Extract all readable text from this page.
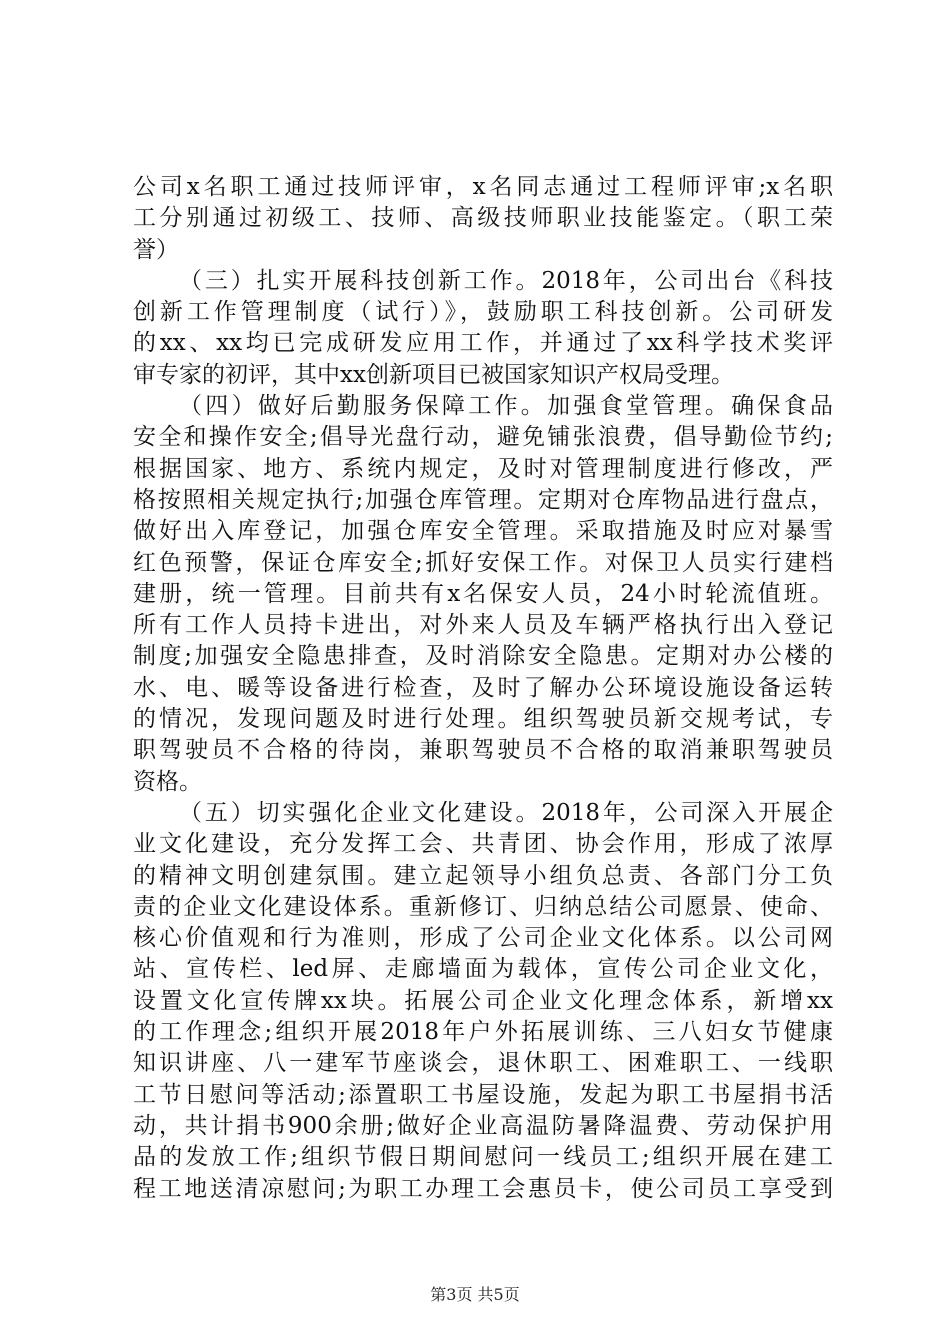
公司x名职工通过技师评审，x名同志通过工程师评审;x名职
工分别通过初级工、技师、高级技师职业技能鉴定。（职工荣
誉）
（三）扎实开展科技创新工作。2018年，公司出台《科技
创新工作管理制度（试行）》，鼓励职工科技创新。公司研发
的xx、xx均已完成研发应用工作，并通过了xx科学技术奖评
审专家的初评，其中xx创新项目已被国家知识产权局受理。
（四）做好后勤服务保障工作。加强食堂管理。确保食品
安全和操作安全;倡导光盘行动，避免铺张浪费，倡导勤俭节约;
根据国家、地方、系统内规定，及时对管理制度进行修改，严
格按照相关规定执行;加强仓库管理。定期对仓库物品进行盘点，
做好出入库登记，加强仓库安全管理。采取措施及时应对暴雪
红色预警，保证仓库安全;抓好安保工作。对保卫人员实行建档
建册，统一管理。目前共有x名保安人员，24小时轮流值班。
所有工作人员持卡进出，对外来人员及车辆严格执行出入登记
制度;加强安全隐患排查，及时消除安全隐患。定期对办公楼的
水、电、暖等设备进行检查，及时了解办公环境设施设备运转
的情况，发现问题及时进行处理。组织驾驶员新交规考试，专
职驾驶员不合格的待岗，兼职驾驶员不合格的取消兼职驾驶员
资格。
（五）切实强化企业文化建设。2018年，公司深入开展企
业文化建设，充分发挥工会、共青团、协会作用，形成了浓厚
的精神文明创建氛围。建立起领导小组负总责、各部门分工负
责的企业文化建设体系。重新修订、归纳总结公司愿景、使命、
核心价值观和行为准则，形成了公司企业文化体系。以公司网
站、宣传栏、led屏、走廊墙面为载体，宣传公司企业文化，
设置文化宣传牌xx块。拓展公司企业文化理念体系，新增xx
的工作理念;组织开展2018年户外拓展训练、三八妇女节健康
知识讲座、八一建军节座谈会，退休职工、困难职工、一线职
工节日慰问等活动;添置职工书屋设施，发起为职工书屋捐书活
动，共计捐书900余册;做好企业高温防暑降温费、劳动保护用
品的发放工作;组织节假日期间慰问一线员工;组织开展在建工
程工地送清凉慰问;为职工办理工会惠员卡，使公司员工享受到
第3页 共5页
